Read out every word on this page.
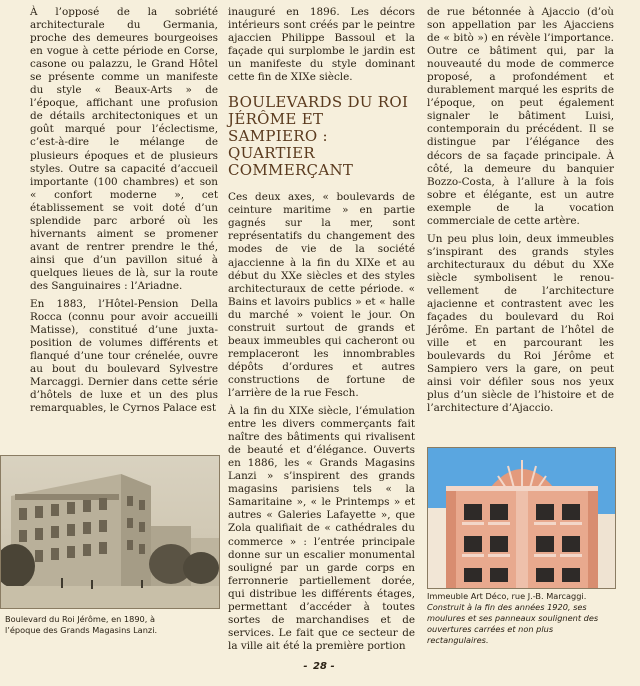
À l’opposé de la sobriété architecturale du Germania, proche des demeures bourgeoises en vogue à cette période en Corse, casone ou palazzu, le Grand Hôtel se présente comme un manifeste du style « Beaux-Arts » de l’époque, affichant une profusion de détails architectoniques et un goût marqué pour l’éclectisme, c’est-à-dire le mélange de plusieurs époques et de plusieurs styles. Outre sa capacité d’accueil importante (100 chambres) et son « confort moderne », cet établissement se voit doté d’un splendide parc arboré où les hivernants aiment se promener avant de rentrer prendre le thé, ainsi que d’un pavillon situé à quelques lieues de là, sur la route des Sanguinaires : l’Ariadne.

En 1883, l’Hôtel-Pension Della Rocca (connu pour avoir accueilli Matisse), constitué d’une juxta-position de volumes différents et flanqué d’une tour crénelée, ouvre au bout du boulevard Sylvestre Marcaggi. Dernier dans cette série d’hôtels de luxe et un des plus remarquables, le Cyrnos Palace est

inauguré en 1896. Les décors intérieurs sont créés par le peintre ajaccien Philippe Bassoul et la façade qui surplombe le jardin est un manifeste du style dominant cette fin de XIXe siècle.

BOULEVARDS DU ROI JÉRÔME ET SAMPIERO : QUARTIER COMMERÇANT

Ces deux axes, « boulevards de ceinture maritime » en partie gagnés sur la mer, sont représentatifs du changement des modes de vie de la société ajaccienne à la fin du XIXe et au début du XXe siècles et des styles architecturaux de cette période. « Bains et lavoirs publics » et « halle du marché » voient le jour. On construit surtout de grands et beaux immeubles qui cacheront ou remplaceront les innombrables dépôts d’ordures et autres constructions de fortune de l’arrière de la rue Fesch.

À la fin du XIXe siècle, l’émulation entre les divers commerçants fait naître des bâtiments qui rivalisent de beauté et d’élégance. Ouverts en 1886, les « Grands Magasins Lanzi » s’inspirent des grands magasins parisiens tels « la Samaritaine », « le Printemps » et autres « Galeries Lafayette », que Zola qualifiait de « cathédrales du commerce » : l’entrée principale donne sur un escalier monumental souligné par un garde corps en ferronnerie partiellement dorée, qui distribue les différents étages, permettant d’accéder à toutes sortes de marchandises et de services. Le fait que ce secteur de la ville ait été la première portion

de rue bétonnée à Ajaccio (d’où son appellation par les Ajacciens de « bitò ») en révèle l’importance. Outre ce bâtiment qui, par la nouveauté du mode de commerce proposé, a profondément et durablement marqué les esprits de l’époque, on peut également signaler le bâtiment Luisi, contemporain du précédent. Il se distingue par l’élégance des décors de sa façade principale. À côté, la demeure du banquier Bozzo-Costa, à l’allure à la fois sobre et élégante, est un autre exemple de la vocation commerciale de cette artère.

Un peu plus loin, deux immeubles s’inspirant des grands styles architecturaux du début du XXe siècle symbolisent le renou-vellement de l’architecture ajacienne et contrastent avec les façades du boulevard du Roi Jérôme. En partant de l’hôtel de ville et en parcourant les boulevards du Roi Jérôme et Sampiero vers la gare, on peut ainsi voir défiler sous nos yeux plus d’un siècle de l’histoire et de l’architecture d’Ajaccio.

Boulevard du Roi Jérôme, en 1890, à
l’époque des Grands Magasins Lanzi.
Immeuble Art Déco, rue J.-B. Marcaggi.
Construit à la fin des années 1920, ses moulures et ses panneaux soulignent des ouvertures carrées et non plus rectangulaires.
- 28 -
